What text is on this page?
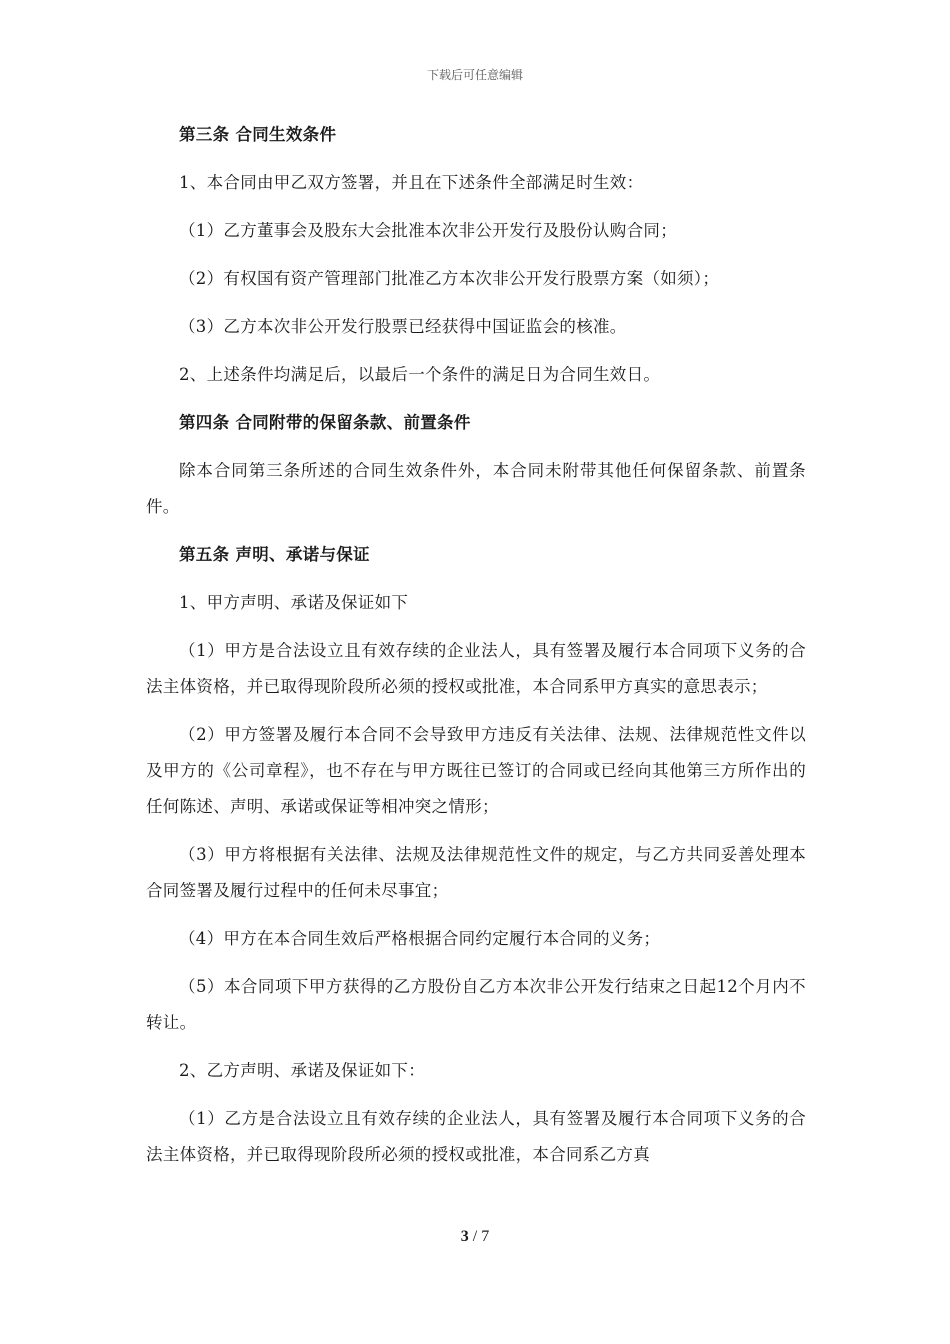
下载后可任意编辑

第三条 合同生效条件

1、本合同由甲乙双方签署，并且在下述条件全部满足时生效：

（1）乙方董事会及股东大会批准本次非公开发行及股份认购合同；

（2）有权国有资产管理部门批准乙方本次非公开发行股票方案（如须）；

（3）乙方本次非公开发行股票已经获得中国证监会的核准。

2、上述条件均满足后，以最后一个条件的满足日为合同生效日。

第四条 合同附带的保留条款、前置条件

除本合同第三条所述的合同生效条件外，本合同未附带其他任何保留条款、前置条件。

第五条 声明、承诺与保证

1、甲方声明、承诺及保证如下

（1）甲方是合法设立且有效存续的企业法人，具有签署及履行本合同项下义务的合法主体资格，并已取得现阶段所必须的授权或批准，本合同系甲方真实的意思表示；

（2）甲方签署及履行本合同不会导致甲方违反有关法律、法规、法律规范性文件以及甲方的《公司章程》，也不存在与甲方既往已签订的合同或已经向其他第三方所作出的任何陈述、声明、承诺或保证等相冲突之情形；

（3）甲方将根据有关法律、法规及法律规范性文件的规定，与乙方共同妥善处理本合同签署及履行过程中的任何未尽事宜；

（4）甲方在本合同生效后严格根据合同约定履行本合同的义务；

（5）本合同项下甲方获得的乙方股份自乙方本次非公开发行结束之日起12个月内不转让。

2、乙方声明、承诺及保证如下：

（1）乙方是合法设立且有效存续的企业法人，具有签署及履行本合同项下义务的合法主体资格，并已取得现阶段所必须的授权或批准，本合同系乙方真

3 / 7
